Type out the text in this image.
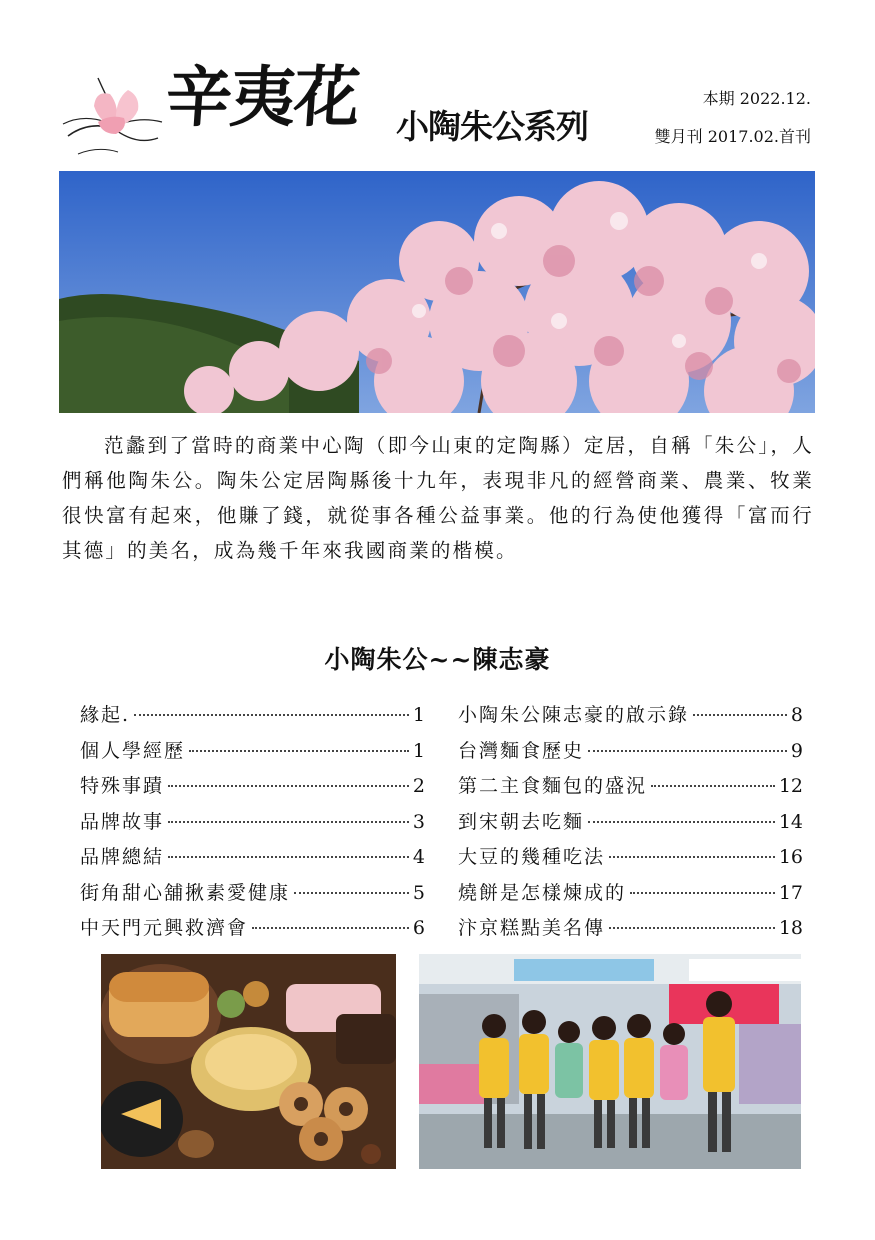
辛夷花 小陶朱公系列
本期 2022.12.
雙月刊 2017.02.首刊

范蠡到了當時的商業中心陶（即今山東的定陶縣）定居，自稱「朱公」，人們稱他陶朱公。陶朱公定居陶縣後十九年，表現非凡的經營商業、農業、牧業很快富有起來，他賺了錢，就從事各種公益事業。他的行為使他獲得「富而行其德」的美名，成為幾千年來我國商業的楷模。

小陶朱公~~陳志豪
緣起.	1
個人學經歷	1
特殊事蹟	2
品牌故事	3
品牌總結	4
街角甜心舖揪素愛健康	5
中天門元興救濟會	6
小陶朱公陳志豪的啟示錄	8
台灣麵食歷史	9
第二主食麵包的盛況	12
到宋朝去吃麵	14
大豆的幾種吃法	16
燒餅是怎樣煉成的	17
汴京糕點美名傳	18
